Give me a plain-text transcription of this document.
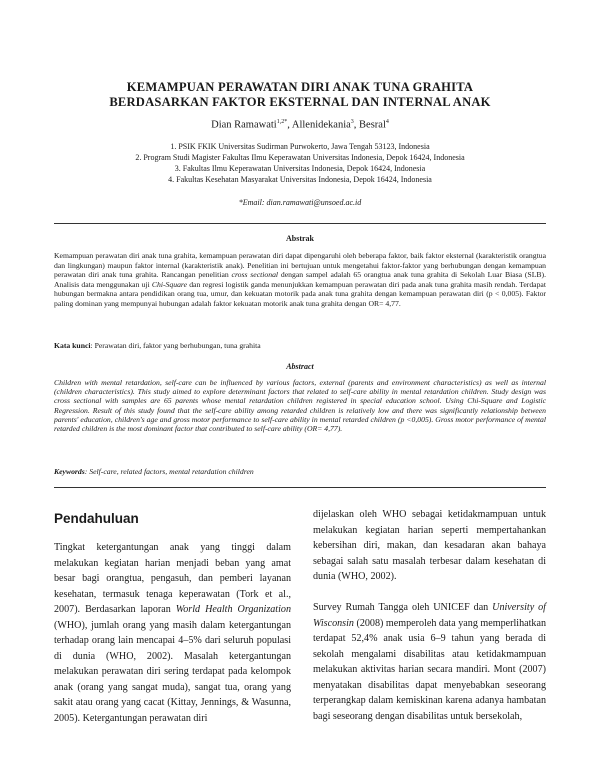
KEMAMPUAN PERAWATAN DIRI ANAK TUNA GRAHITA
BERDASARKAN FAKTOR EKSTERNAL DAN INTERNAL ANAK
Dian Ramawati$^{1,2*}$, Allenidekania$^3$, Besral$^4$
1. PSIK FKIK Universitas Sudirman Purwokerto, Jawa Tengah 53123, Indonesia
2. Program Studi Magister Fakultas Ilmu Keperawatan Universitas Indonesia, Depok 16424, Indonesia
3. Fakultas Ilmu Keperawatan Universitas Indonesia, Depok 16424, Indonesia
4. Fakultas Kesehatan Masyarakat Universitas Indonesia, Depok 16424, Indonesia
*Email: dian.ramawati@unsoed.ac.id
Abstrak
Kemampuan perawatan diri anak tuna grahita, kemampuan perawatan diri dapat dipengaruhi oleh beberapa faktor, baik faktor eksternal (karakteristik orangtua dan lingkungan) maupun faktor internal (karakteristik anak). Penelitian ini bertujuan untuk mengetahui faktor-faktor yang berhubungan dengan kemampuan perawatan diri anak tuna grahita. Rancangan penelitian cross sectional dengan sampel adalah 65 orangtua anak tuna grahita di Sekolah Luar Biasa (SLB). Analisis data menggunakan uji Chi-Square dan regresi logistik ganda menunjukkan kemampuan perawatan diri pada anak tuna grahita masih rendah. Terdapat hubungan bermakna antara pendidikan orang tua, umur, dan kekuatan motorik pada anak tuna grahita dengan kemampuan perawatan diri (p < 0,005). Faktor paling dominan yang mempunyai hubungan adalah faktor kekuatan motorik anak tuna grahita dengan OR= 4,77.
Kata kunci: Perawatan diri, faktor yang berhubungan, tuna grahita
Abstract
Children with mental retardation, self-care can be influenced by various factors, external (parents and environment characteristics) as well as internal (children characteristics). This study aimed to explore determinant factors that related to self-care ability in mental retardation children. Study design was cross sectional with samples are 65 parents whose mental retardation children registered in special education school. Using Chi-Square and Logistic Regression. Result of this study found that the self-care ability among retarded children is relatively low and there was significantly relationship between parents' education, children's age and gross motor performance to self-care ability in mental retarded children (p <0,005). Gross motor performance of mental retarded children is the most dominant factor that contributed to self-care ability (OR= 4,77).
Keywords: Self-care, related factors, mental retardation children
Pendahuluan
Tingkat ketergantungan anak yang tinggi dalam melakukan kegiatan harian menjadi beban yang amat besar bagi orangtua, pengasuh, dan pemberi layanan kesehatan, termasuk tenaga keperawatan (Tork et al., 2007). Berdasarkan laporan World Health Organization (WHO), jumlah orang yang masih dalam ketergantungan terhadap orang lain mencapai 4–5% dari seluruh populasi di dunia (WHO, 2002). Masalah ketergantungan melakukan perawatan diri sering terdapat pada kelompok anak (orang yang sangat muda), sangat tua, orang yang sakit atau orang yang cacat (Kittay, Jennings, & Wasunna, 2005). Ketergantungan perawatan diri
dijelaskan oleh WHO sebagai ketidakmampuan untuk melakukan kegiatan harian seperti mempertahankan kebersihan diri, makan, dan kesadaran akan bahaya sebagai salah satu masalah terbesar dalam kesehatan di dunia (WHO, 2002).
Survey Rumah Tangga oleh UNICEF dan University of Wisconsin (2008) memperoleh data yang memperlihatkan terdapat 52,4% anak usia 6–9 tahun yang berada di sekolah mengalami disabilitas atau ketidakmampuan melakukan aktivitas harian secara mandiri. Mont (2007) menyatakan disabilitas dapat menyebabkan seseorang terperangkap dalam kemiskinan karena adanya hambatan bagi seseorang dengan disabilitas untuk bersekolah,
